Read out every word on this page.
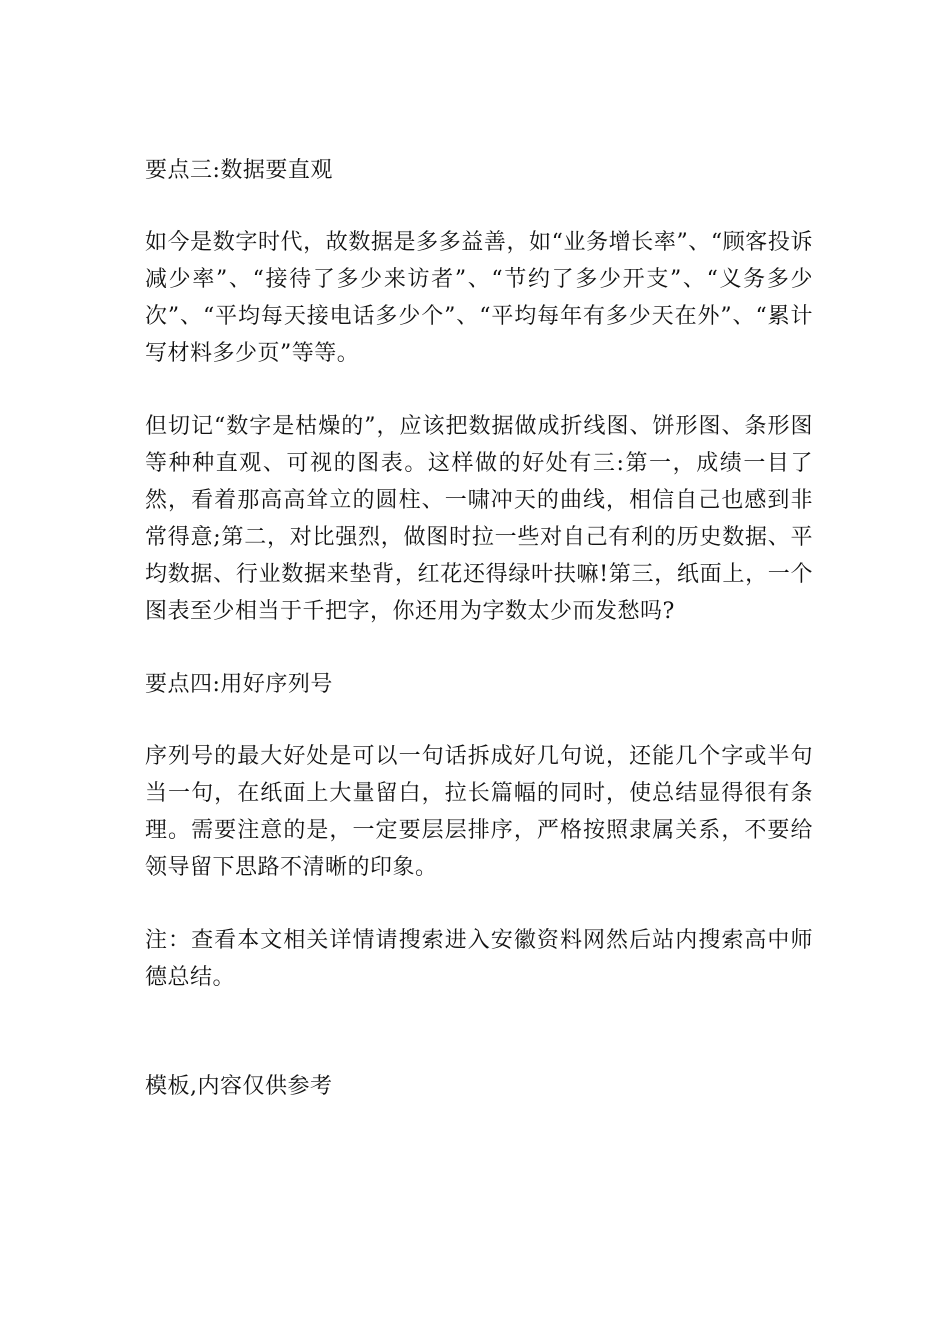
要点三:数据要直观

如今是数字时代，故数据是多多益善，如“业务增长率”、“顾客投诉减少率”、“接待了多少来访者”、“节约了多少开支”、“义务多少次”、“平均每天接电话多少个”、“平均每年有多少天在外”、“累计写材料多少页”等等。

但切记“数字是枯燥的”，应该把数据做成折线图、饼形图、条形图等种种直观、可视的图表。这样做的好处有三:第一，成绩一目了然，看着那高高耸立的圆柱、一啸冲天的曲线，相信自己也感到非常得意;第二，对比强烈，做图时拉一些对自己有利的历史数据、平均数据、行业数据来垫背，红花还得绿叶扶嘛!第三，纸面上，一个图表至少相当于千把字，你还用为字数太少而发愁吗?

要点四:用好序列号

序列号的最大好处是可以一句话拆成好几句说，还能几个字或半句当一句，在纸面上大量留白，拉长篇幅的同时，使总结显得很有条理。需要注意的是，一定要层层排序，严格按照隶属关系，不要给领导留下思路不清晰的印象。

注：查看本文相关详情请搜索进入安徽资料网然后站内搜索高中师德总结。

模板,内容仅供参考
